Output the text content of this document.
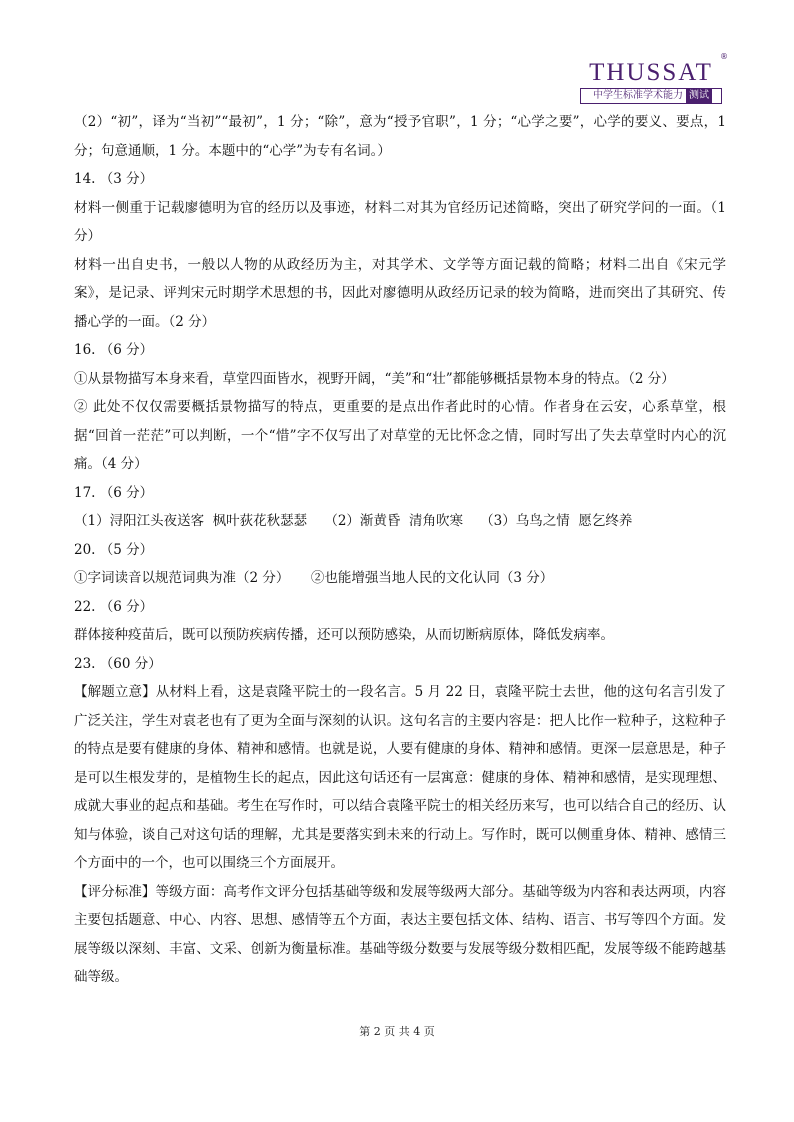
THUSSAT
®
中学生标准学术能力 测试

（2）“初”，译为“当初”“最初”，1 分；“除”，意为“授予官职”，1 分；“心学之要”，心学的要义、要点，1 分；句意通顺，1 分。本题中的“心学”为专有名词。）

14. （3 分）

材料一侧重于记载廖德明为官的经历以及事迹，材料二对其为官经历记述简略，突出了研究学问的一面。（1 分）

材料一出自史书，一般以人物的从政经历为主，对其学术、文学等方面记载的简略；材料二出自《宋元学案》，是记录、评判宋元时期学术思想的书，因此对廖德明从政经历记录的较为简略，进而突出了其研究、传播心学的一面。（2 分）

16. （6 分）

①从景物描写本身来看，草堂四面皆水，视野开阔，“美”和“壮”都能够概括景物本身的特点。（2 分）

② 此处不仅仅需要概括景物描写的特点，更重要的是点出作者此时的心情。作者身在云安，心系草堂，根据“回首一茫茫”可以判断，一个“惜”字不仅写出了对草堂的无比怀念之情，同时写出了失去草堂时内心的沉痛。（4 分）

17. （6 分）

（1）浔阳江头夜送客  枫叶荻花秋瑟瑟    （2）渐黄昏  清角吹寒    （3）乌鸟之情  愿乞终养

20. （5 分）

①字词读音以规范词典为准（2 分）     ②也能增强当地人民的文化认同（3 分）

22. （6 分）

群体接种疫苗后，既可以预防疾病传播，还可以预防感染，从而切断病原体，降低发病率。

23. （60 分）

【解题立意】从材料上看，这是袁隆平院士的一段名言。5 月 22 日，袁隆平院士去世，他的这句名言引发了广泛关注，学生对袁老也有了更为全面与深刻的认识。这句名言的主要内容是：把人比作一粒种子，这粒种子的特点是要有健康的身体、精神和感情。也就是说，人要有健康的身体、精神和感情。更深一层意思是，种子是可以生根发芽的，是植物生长的起点，因此这句话还有一层寓意：健康的身体、精神和感情，是实现理想、成就大事业的起点和基础。考生在写作时，可以结合袁隆平院士的相关经历来写，也可以结合自己的经历、认知与体验，谈自己对这句话的理解，尤其是要落实到未来的行动上。写作时，既可以侧重身体、精神、感情三个方面中的一个，也可以围绕三个方面展开。

【评分标准】等级方面：高考作文评分包括基础等级和发展等级两大部分。基础等级为内容和表达两项，内容主要包括题意、中心、内容、思想、感情等五个方面，表达主要包括文体、结构、语言、书写等四个方面。发展等级以深刻、丰富、文采、创新为衡量标准。基础等级分数要与发展等级分数相匹配，发展等级不能跨越基础等级。

第 2 页 共 4 页
